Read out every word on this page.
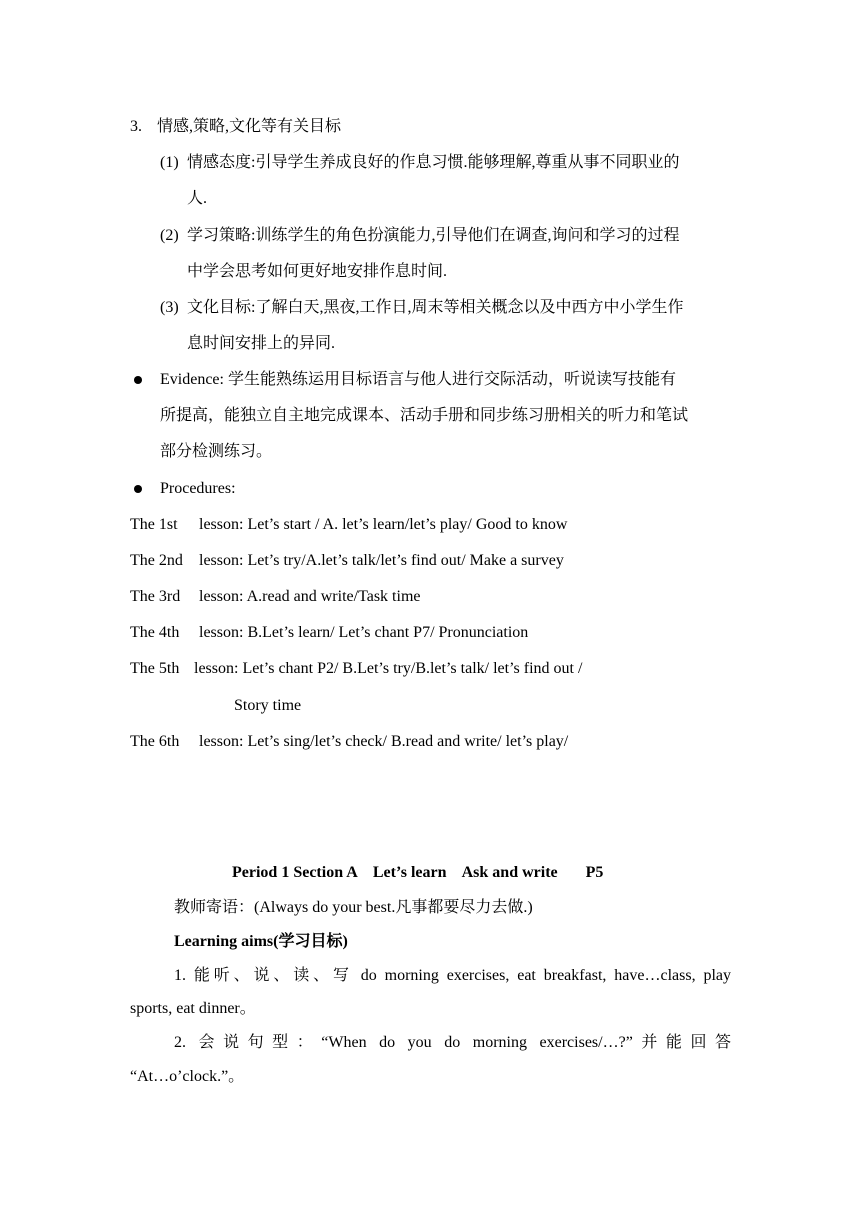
3. 情感,策略,文化等有关目标
(1) 情感态度:引导学生养成良好的作息习惯.能够理解,尊重从事不同职业的
人.
(2) 学习策略:训练学生的角色扮演能力,引导他们在调查,询问和学习的过程
中学会思考如何更好地安排作息时间.
(3) 文化目标:了解白天,黑夜,工作日,周末等相关概念以及中西方中小学生作
息时间安排上的异同.
Evidence: 学生能熟练运用目标语言与他人进行交际活动，听说读写技能有
所提高，能独立自主地完成课本、活动手册和同步练习册相关的听力和笔试
部分检测练习。
Procedures:
The 1st lesson: Let’s start / A. let’s learn/let’s play/ Good to know
The 2nd lesson: Let’s try/A.let’s talk/let’s find out/ Make a survey
The 3rd lesson: A.read and write/Task time
The 4th lesson: B.Let’s learn/ Let’s chant P7/ Pronunciation
The 5th lesson: Let’s chant P2/ B.Let’s try/B.let’s talk/ let’s find out /
Story time
The 6th lesson: Let’s sing/let’s check/ B.read and write/ let’s play/
Period 1 Section A    Let’s learn    Ask and write       P5
教师寄语：(Always do your best.凡事都要尽力去做.)
Learning aims(学习目标)
1. 能听、说、读、写 do morning exercises, eat breakfast, have…class, play
sports, eat dinner。
2. 会说句型：“When do you do morning exercises/…?”并能回答
“At…o’clock.”。
